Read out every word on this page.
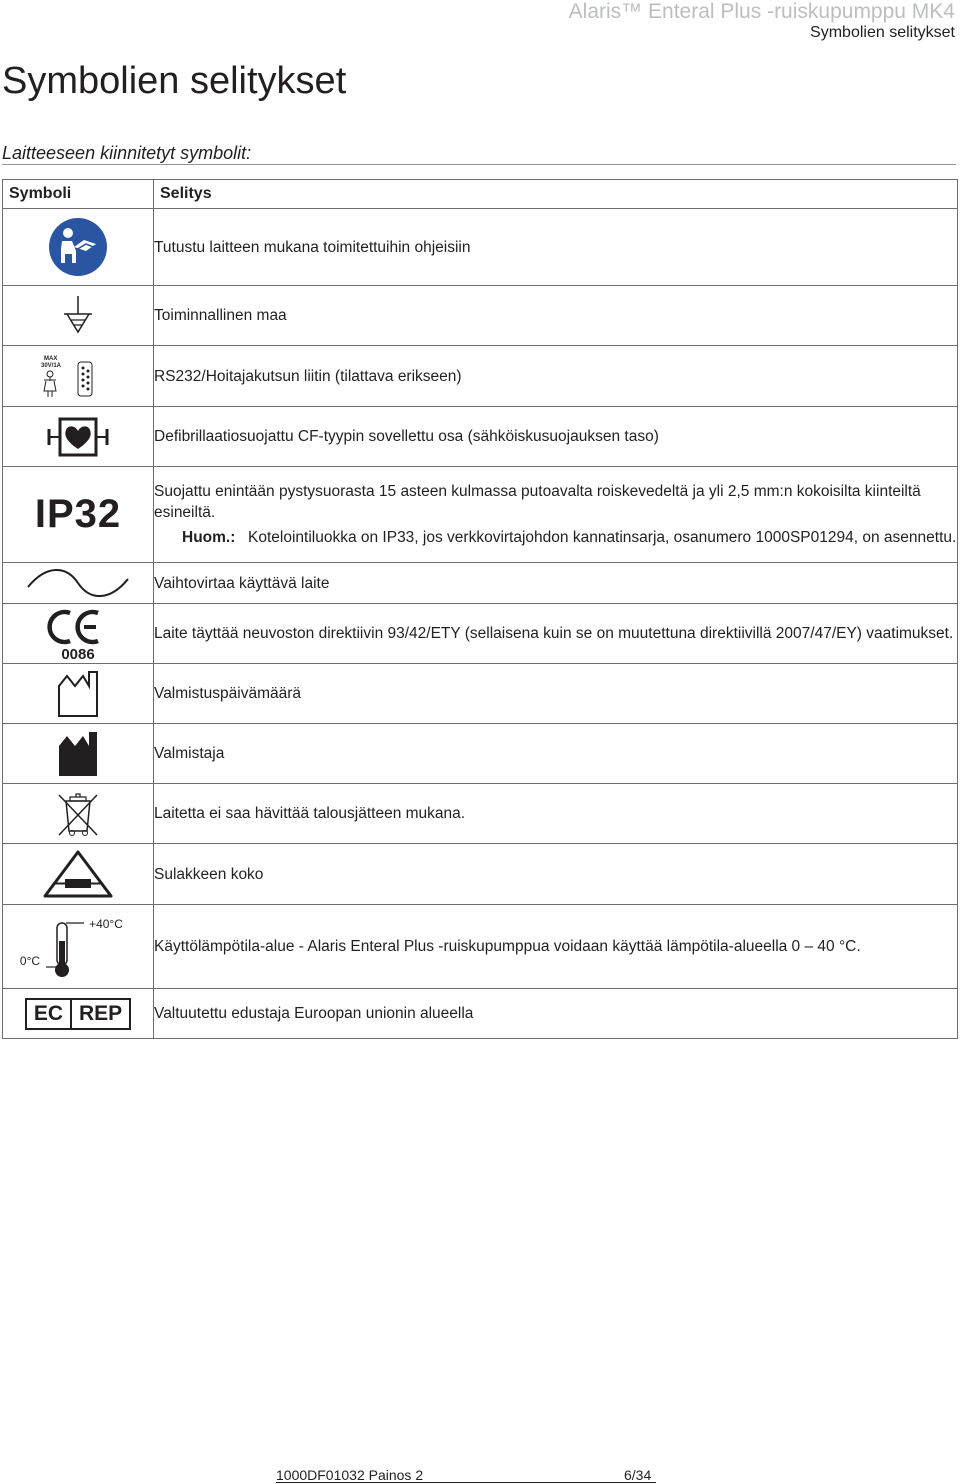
Alaris™ Enteral Plus -ruiskupumppu MK4
Symbolien selitykset
Symbolien selitykset
Laitteeseen kiinnitetyt symbolit:
Symboli	Selitys

	Tutustu laitteen mukana toimitettuihin ohjeisiin

	Toiminnallinen maa

MAX
30V/1A	RS232/Hoitajakutsun liitin (tilattava erikseen)

	Defibrillaatiosuojattu CF-tyypin sovellettu osa (sähköiskusuojauksen taso)
IP32	Suojattu enintään pystysuorasta 15 asteen kulmassa putoavalta roiskevedeltä ja yli 2,5 mm:n kokoisilta kiinteiltä esineiltä.
Huom.: Kotelointiluokka on IP33, jos verkkovirtajohdon kannatinsarja, osanumero 1000SP01294, on asennettu.

	Vaihtovirtaa käyttävä laite

0086	Laite täyttää neuvoston direktiivin 93/42/ETY (sellaisena kuin se on muutettuna direktiivillä 2007/47/EY) vaatimukset.

	Valmistuspäivämäärä

	Valmistaja

	Laitetta ei saa hävittää talousjätteen mukana.

	Sulakkeen koko

+40°C
0°C	Käyttölämpötila-alue - Alaris Enteral Plus -ruiskupumppua voidaan käyttää lämpötila-alueella 0 – 40 °C.

EC REP	Valtuutettu edustaja Euroopan unionin alueella
1000DF01032 Painos 2	6/34
